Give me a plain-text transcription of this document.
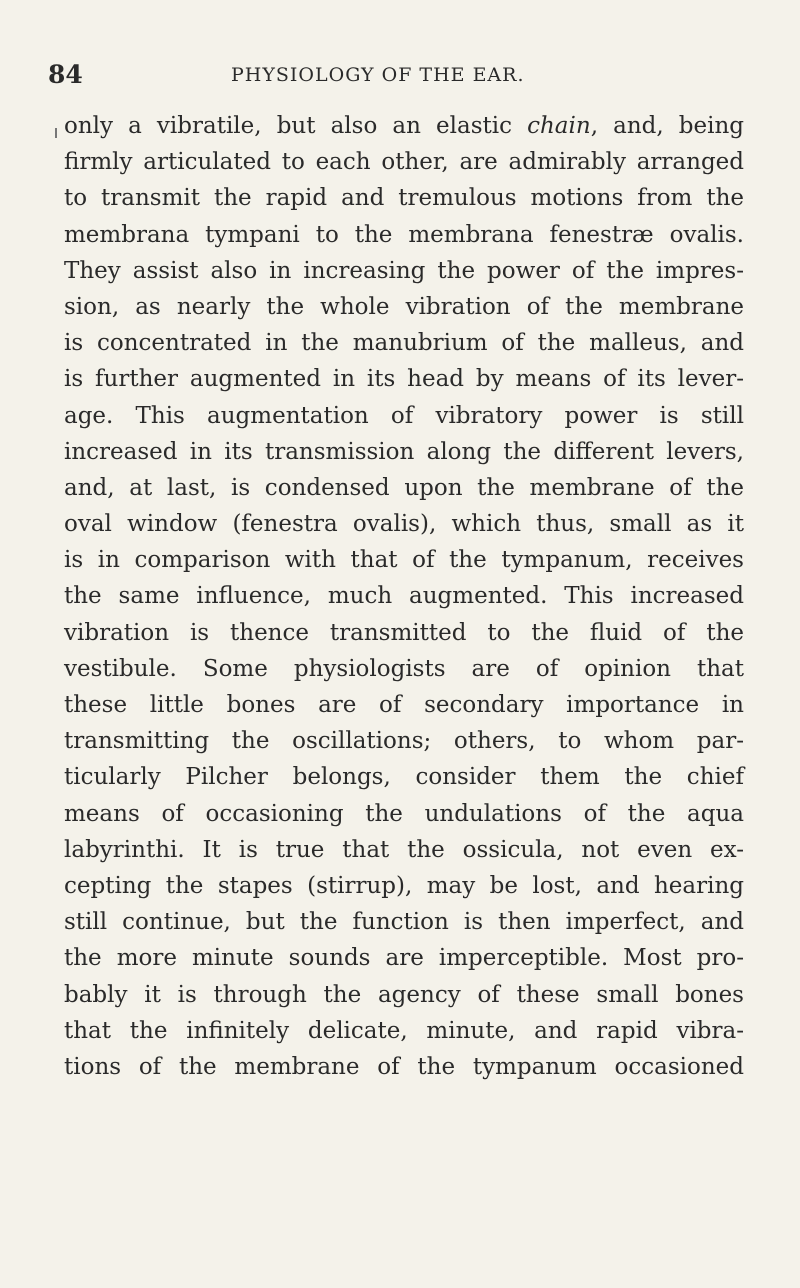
84	PHYSIOLOGY OF THE EAR.
only a vibratile, but also an elastic chain, and, being
firmly articulated to each other, are admirably arranged
to transmit the rapid and tremulous motions from the
membrana tympani to the membrana fenestræ ovalis.
They assist also in increasing the power of the impres-
sion, as nearly the whole vibration of the membrane
is concentrated in the manubrium of the malleus, and
is further augmented in its head by means of its lever-
age. This augmentation of vibratory power is still
increased in its transmission along the different levers,
and, at last, is condensed upon the membrane of the
oval window (fenestra ovalis), which thus, small as it
is in comparison with that of the tympanum, receives
the same influence, much augmented. This increased
vibration is thence transmitted to the fluid of the
vestibule. Some physiologists are of opinion that
these little bones are of secondary importance in
transmitting the oscillations; others, to whom par-
ticularly Pilcher belongs, consider them the chief
means of occasioning the undulations of the aqua
labyrinthi. It is true that the ossicula, not even ex-
cepting the stapes (stirrup), may be lost, and hearing
still continue, but the function is then imperfect, and
the more minute sounds are imperceptible. Most pro-
bably it is through the agency of these small bones
that the infinitely delicate, minute, and rapid vibra-
tions of the membrane of the tympanum occasioned
